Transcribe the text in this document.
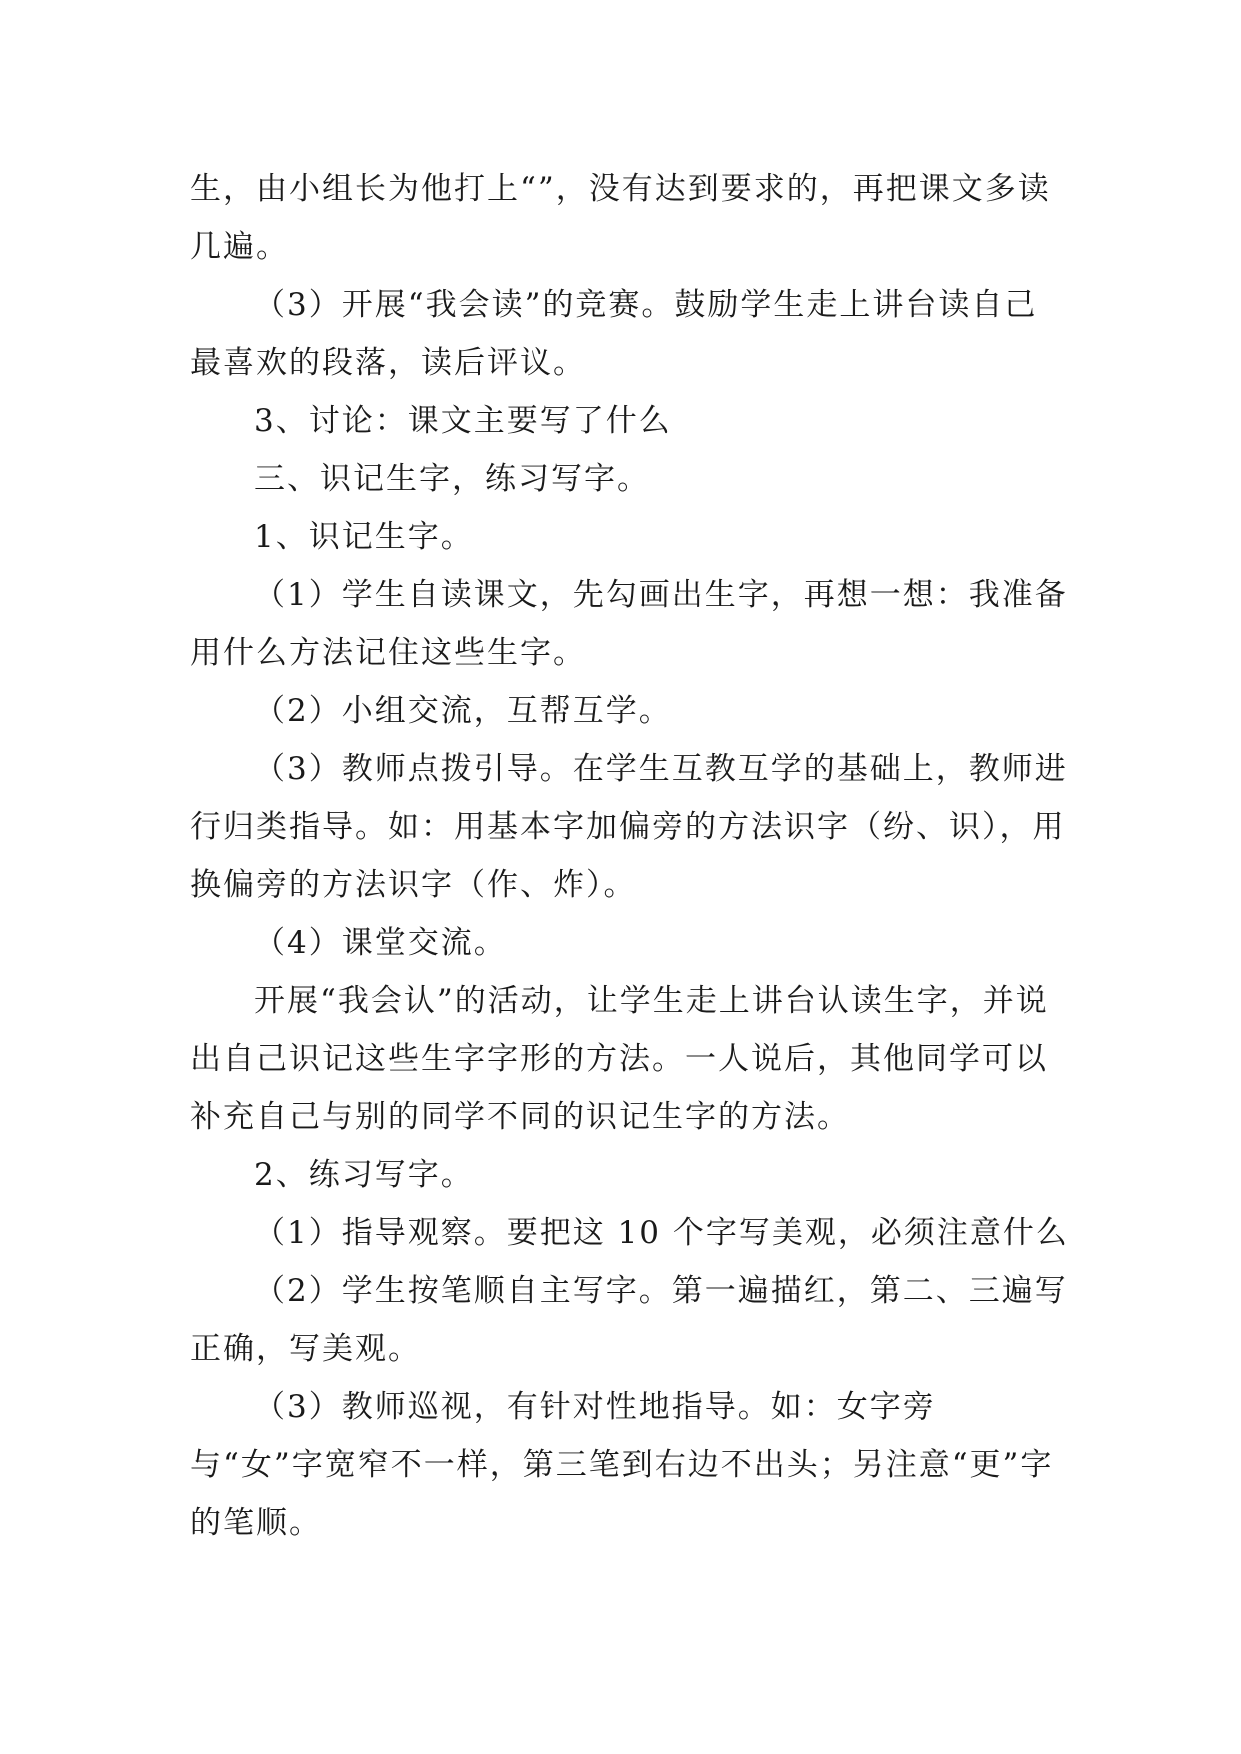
生，由小组长为他打上“”，没有达到要求的，再把课文多读几遍。

（3）开展“我会读”的竞赛。鼓励学生走上讲台读自己最喜欢的段落，读后评议。

3、讨论：课文主要写了什么

三、识记生字，练习写字。

1、识记生字。

（1）学生自读课文，先勾画出生字，再想一想：我准备用什么方法记住这些生字。

（2）小组交流，互帮互学。

（3）教师点拨引导。在学生互教互学的基础上，教师进行归类指导。如：用基本字加偏旁的方法识字（纷、识），用换偏旁的方法识字（作、炸）。

（4）课堂交流。

开展“我会认”的活动，让学生走上讲台认读生字，并说出自己识记这些生字字形的方法。一人说后，其他同学可以补充自己与别的同学不同的识记生字的方法。

2、练习写字。

（1）指导观察。要把这 10 个字写美观，必须注意什么

（2）学生按笔顺自主写字。第一遍描红，第二、三遍写正确，写美观。

（3）教师巡视，有针对性地指导。如：女字旁与“女”字宽窄不一样，第三笔到右边不出头；另注意“更”字的笔顺。
